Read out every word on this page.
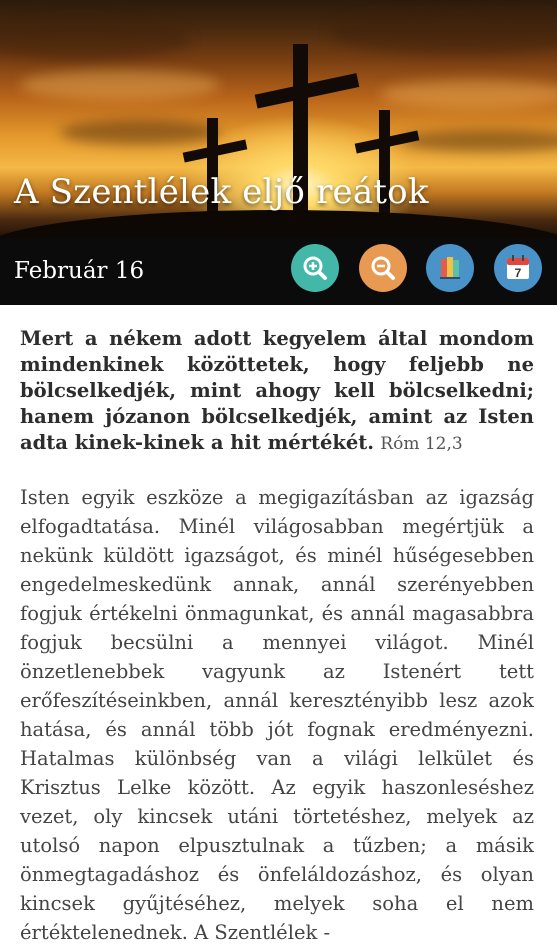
A Szentlélek eljő reátok
Február 16	7

Mert a nékem adott kegyelem által mondom mindenkinek közöttetek, hogy feljebb ne bölcselkedjék, mint ahogy kell bölcselkedni; hanem józanon bölcselkedjék, amint az Isten adta kinek-kinek a hit mértékét. Róm 12,3

Isten egyik eszköze a megigazításban az igazság elfogadtatása. Minél világosabban megértjük a nekünk küldött igazságot, és minél hűségesebben engedelmeskedünk annak, annál szerényebben fogjuk értékelni önmagunkat, és annál magasabbra fogjuk becsülni a mennyei világot. Minél önzetlenebbek vagyunk az Istenért tett erőfeszítéseinkben, annál keresztényibb lesz azok hatása, és annál több jót fognak eredményezni. Hatalmas különbség van a világi lelkület és Krisztus Lelke között. Az egyik haszonleséshez vezet, oly kincsek utáni törtetéshez, melyek az utolsó napon elpusztulnak a tűzben; a másik önmegtagadáshoz és önfeláldozáshoz, és olyan kincsek gyűjtéséhez, melyek soha el nem értéktelenednek. A Szentlélek -
